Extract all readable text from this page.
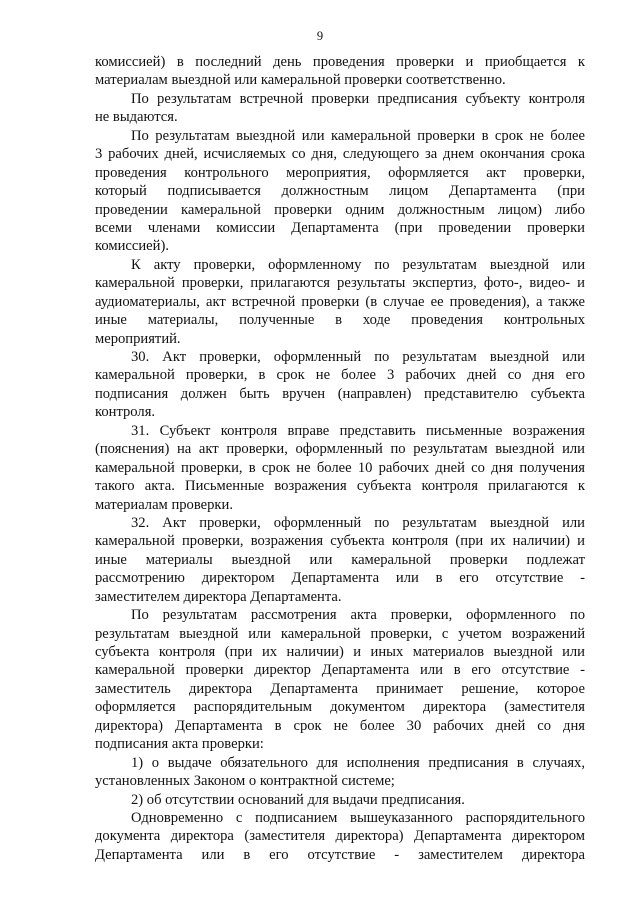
9
комиссией) в последний день проведения проверки и приобщается к
материалам выездной или камеральной проверки соответственно.
По результатам встречной проверки предписания субъекту контроля
не выдаются.
По результатам выездной или камеральной проверки в срок не более
3 рабочих дней, исчисляемых со дня, следующего за днем окончания срока
проведения контрольного мероприятия, оформляется акт проверки,
который подписывается должностным лицом Департамента (при
проведении камеральной проверки одним должностным лицом) либо
всеми членами комиссии Департамента (при проведении проверки
комиссией).
К акту проверки, оформленному по результатам выездной или
камеральной проверки, прилагаются результаты экспертиз, фото-, видео- и
аудиоматериалы, акт встречной проверки (в случае ее проведения), а также
иные материалы, полученные в ходе проведения контрольных
мероприятий.
30. Акт проверки, оформленный по результатам выездной или
камеральной проверки, в срок не более 3 рабочих дней со дня его
подписания должен быть вручен (направлен) представителю субъекта
контроля.
31. Субъект контроля вправе представить письменные возражения
(пояснения) на акт проверки, оформленный по результатам выездной или
камеральной проверки, в срок не более 10 рабочих дней со дня получения
такого акта. Письменные возражения субъекта контроля прилагаются к
материалам проверки.
32. Акт проверки, оформленный по результатам выездной или
камеральной проверки, возражения субъекта контроля (при их наличии) и
иные материалы выездной или камеральной проверки подлежат
рассмотрению директором Департамента или в его отсутствие -
заместителем директора Департамента.
По результатам рассмотрения акта проверки, оформленного по
результатам выездной или камеральной проверки, с учетом возражений
субъекта контроля (при их наличии) и иных материалов выездной или
камеральной проверки директор Департамента или в его отсутствие -
заместитель директора Департамента принимает решение, которое
оформляется распорядительным документом директора (заместителя
директора) Департамента в срок не более 30 рабочих дней со дня
подписания акта проверки:
1) о выдаче обязательного для исполнения предписания в случаях,
установленных Законом о контрактной системе;
2) об отсутствии оснований для выдачи предписания.
Одновременно с подписанием вышеуказанного распорядительного
документа директора (заместителя директора) Департамента директором
Департамента или в его отсутствие - заместителем директора
